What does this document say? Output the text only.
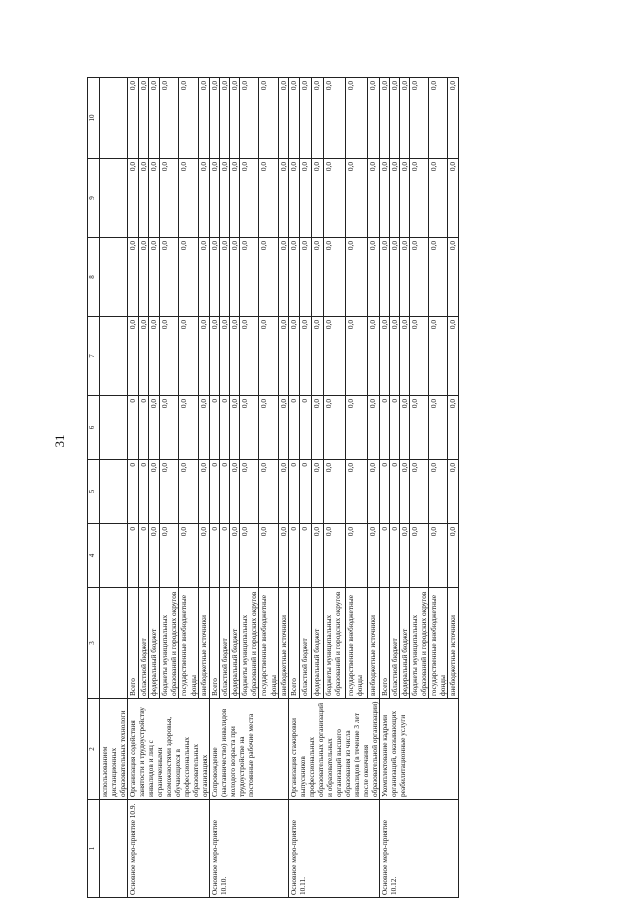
31
1	2	3	4	5	6	7	8	9	10
	использованием дистанционных образовательных технологи								
Основное меро-приятие 10.9.	Организация содействия занятости и трудоустройству инвалидов и лиц с ограниченными возможностями здоровья, обучающихся в профессиональных образовательных организациях	Всего	0	0	0	0,0	0,0	0,0	0,0
		областной бюджет	0	0	0	0,0	0,0	0,0	0,0
		федеральный бюджет	0,0	0,0	0,0	0,0	0,0	0,0	0,0
		бюджеты муниципальных образований и городских округов	0,0	0,0	0,0	0,0	0,0	0,0	0,0
		государственные внебюджетные фонды	0,0	0,0	0,0	0,0	0,0	0,0	0,0
		внебюджетные источники	0,0	0,0	0,0	0,0	0,0	0,0	0,0
Основное меро-приятие 10.10.	Сопровождение (наставничество) инвалидов молодого возраста при трудоустройстве на постоянные рабочие места	Всего	0	0	0	0,0	0,0	0,0	0,0
		областной бюджет	0	0	0	0,0	0,0	0,0	0,0
		федеральный бюджет	0,0	0,0	0,0	0,0	0,0	0,0	0,0
		бюджеты муниципальных образований и городских округов	0,0	0,0	0,0	0,0	0,0	0,0	0,0
		государственные внебюджетные фонды	0,0	0,0	0,0	0,0	0,0	0,0	0,0
		внебюджетные источники	0,0	0,0	0,0	0,0	0,0	0,0	0,0
Основное меро-приятие 10.11.	Организация стажировки выпускников профессиональных образовательных организаций и образовательных организаций высшего образования из числа инвалидов (в течение 3 лет после окончания образовательной организации)	Всего	0	0	0	0,0	0,0	0,0	0,0
		областной бюджет	0	0	0	0,0	0,0	0,0	0,0
		федеральный бюджет	0,0	0,0	0,0	0,0	0,0	0,0	0,0
		бюджеты муниципальных образований и городских округов	0,0	0,0	0,0	0,0	0,0	0,0	0,0
		государственные внебюджетные фонды	0,0	0,0	0,0	0,0	0,0	0,0	0,0
		внебюджетные источники	0,0	0,0	0,0	0,0	0,0	0,0	0,0
Основное меро-приятие 10.12.	Укомплектование кадрами организаций, оказывающих реабилитационные услуги	Всего	0	0	0	0,0	0,0	0,0	0,0
		областной бюджет	0	0	0	0,0	0,0	0,0	0,0
		федеральный бюджет	0,0	0,0	0,0	0,0	0,0	0,0	0,0
		бюджеты муниципальных образований и городских округов	0,0	0,0	0,0	0,0	0,0	0,0	0,0
		государственные внебюджетные фонды	0,0	0,0	0,0	0,0	0,0	0,0	0,0
		внебюджетные источники	0,0	0,0	0,0	0,0	0,0	0,0	0,0
